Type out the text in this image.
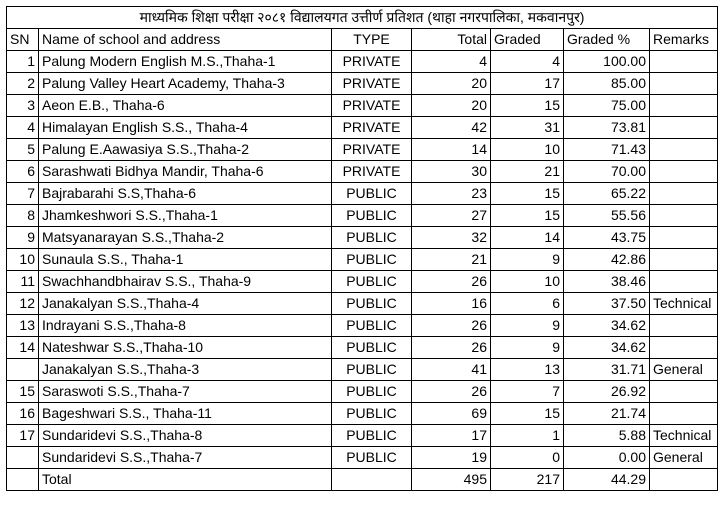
माध्यमिक शिक्षा परीक्षा २०८१ विद्यालयगत उत्तीर्ण प्रतिशत (थाहा नगरपालिका, मकवानपुर)						
SN	Name of school and address	TYPE	Total	Graded	Graded %	Remarks
1	Palung Modern English M.S.,Thaha-1	PRIVATE	4	4	100.00	
2	Palung Valley Heart Academy, Thaha-3	PRIVATE	20	17	85.00	
3	Aeon E.B., Thaha-6	PRIVATE	20	15	75.00	
4	Himalayan English S.S., Thaha-4	PRIVATE	42	31	73.81	
5	Palung E.Aawasiya S.S.,Thaha-2	PRIVATE	14	10	71.43	
6	Sarashwati Bidhya Mandir, Thaha-6	PRIVATE	30	21	70.00	
7	Bajrabarahi S.S,Thaha-6	PUBLIC	23	15	65.22	
8	Jhamkeshwori S.S.,Thaha-1	PUBLIC	27	15	55.56	
9	Matsyanarayan S.S.,Thaha-2	PUBLIC	32	14	43.75	
10	Sunaula S.S., Thaha-1	PUBLIC	21	9	42.86	
11	Swachhandbhairav S.S., Thaha-9	PUBLIC	26	10	38.46	
12	Janakalyan S.S.,Thaha-4	PUBLIC	16	6	37.50	Technical
13	Indrayani S.S.,Thaha-8	PUBLIC	26	9	34.62	
14	Nateshwar S.S.,Thaha-10	PUBLIC	26	9	34.62	
	Janakalyan S.S.,Thaha-3	PUBLIC	41	13	31.71	General
15	Saraswoti S.S.,Thaha-7	PUBLIC	26	7	26.92	
16	Bageshwari S.S., Thaha-11	PUBLIC	69	15	21.74	
17	Sundaridevi S.S.,Thaha-8	PUBLIC	17	1	5.88	Technical
	Sundaridevi S.S.,Thaha-7	PUBLIC	19	0	0.00	General
	Total		495	217	44.29	
